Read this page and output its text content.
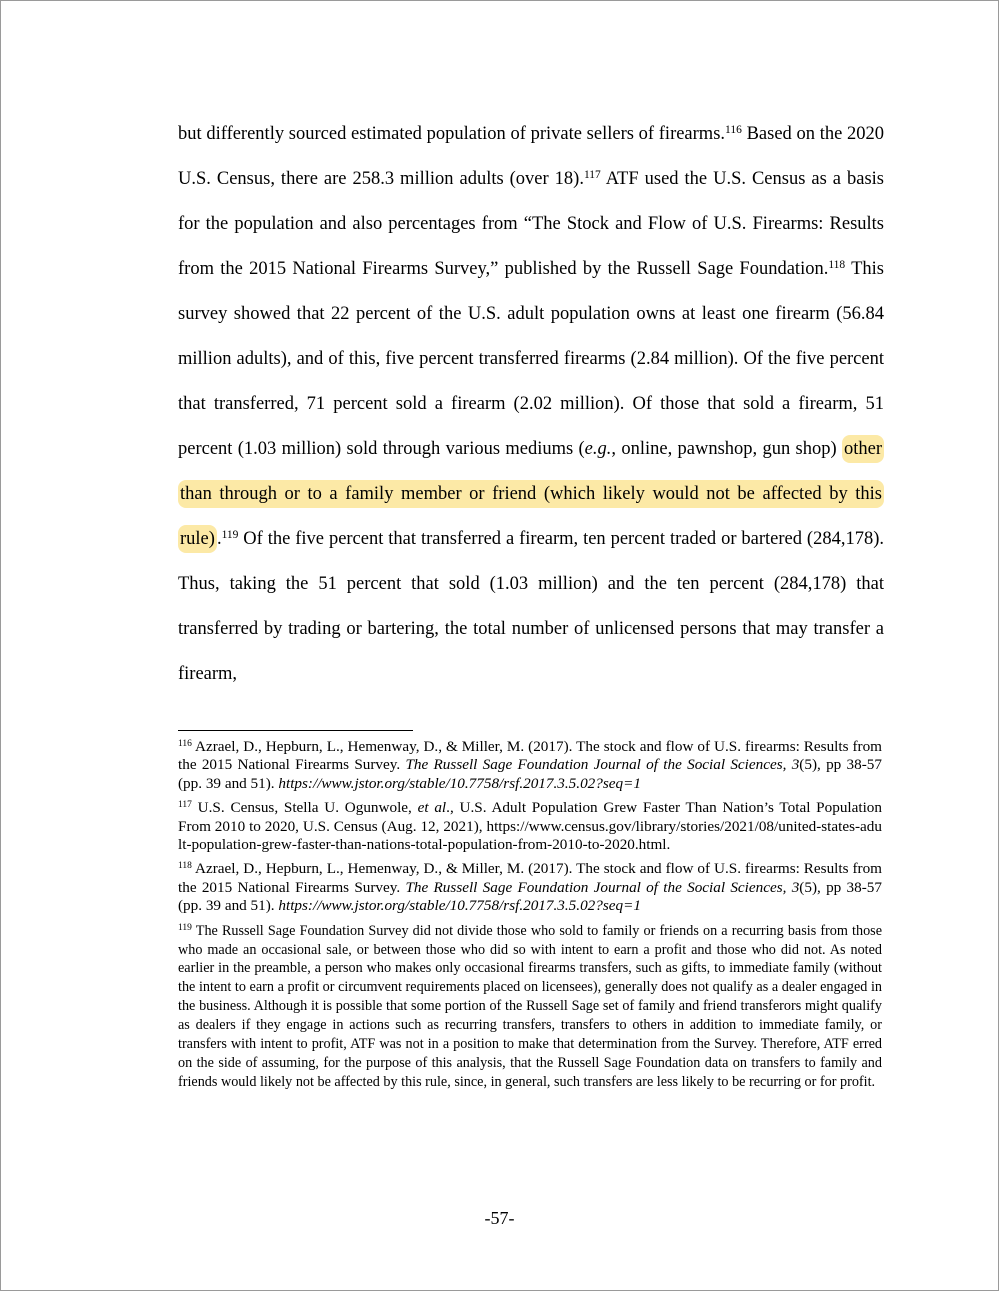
but differently sourced estimated population of private sellers of firearms.$^{116}$ Based on the 2020 U.S. Census, there are 258.3 million adults (over 18).$^{117}$ ATF used the U.S. Census as a basis for the population and also percentages from “The Stock and Flow of U.S. Firearms: Results from the 2015 National Firearms Survey,” published by the Russell Sage Foundation.$^{118}$ This survey showed that 22 percent of the U.S. adult population owns at least one firearm (56.84 million adults), and of this, five percent transferred firearms (2.84 million). Of the five percent that transferred, 71 percent sold a firearm (2.02 million). Of those that sold a firearm, 51 percent (1.03 million) sold through various mediums (e.g., online, pawnshop, gun shop) other than through or to a family member or friend (which likely would not be affected by this rule) .$^{119}$ Of the five percent that transferred a firearm, ten percent traded or bartered (284,178). Thus, taking the 51 percent that sold (1.03 million) and the ten percent (284,178) that transferred by trading or bartering, the total number of unlicensed persons that may transfer a firearm,

$^{116}$ Azrael, D., Hepburn, L., Hemenway, D., & Miller, M. (2017). The stock and flow of U.S. firearms: Results from the 2015 National Firearms Survey. The Russell Sage Foundation Journal of the Social Sciences, 3(5), pp 38-57 (pp. 39 and 51). https://www.jstor.org/stable/10.7758/rsf.2017.3.5.02?seq=1

$^{117}$ U.S. Census, Stella U. Ogunwole, et al., U.S. Adult Population Grew Faster Than Nation’s Total Population From 2010 to 2020, U.S. Census (Aug. 12, 2021), https://www.census.gov/library/stories/2021/08/united-states-adult-population-grew-faster-than-nations-total-population-from-2010-to-2020.html.

$^{118}$ Azrael, D., Hepburn, L., Hemenway, D., & Miller, M. (2017). The stock and flow of U.S. firearms: Results from the 2015 National Firearms Survey. The Russell Sage Foundation Journal of the Social Sciences, 3(5), pp 38-57 (pp. 39 and 51). https://www.jstor.org/stable/10.7758/rsf.2017.3.5.02?seq=1

$^{119}$ The Russell Sage Foundation Survey did not divide those who sold to family or friends on a recurring basis from those who made an occasional sale, or between those who did so with intent to earn a profit and those who did not. As noted earlier in the preamble, a person who makes only occasional firearms transfers, such as gifts, to immediate family (without the intent to earn a profit or circumvent requirements placed on licensees), generally does not qualify as a dealer engaged in the business. Although it is possible that some portion of the Russell Sage set of family and friend transferors might qualify as dealers if they engage in actions such as recurring transfers, transfers to others in addition to immediate family, or transfers with intent to profit, ATF was not in a position to make that determination from the Survey. Therefore, ATF erred on the side of assuming, for the purpose of this analysis, that the Russell Sage Foundation data on transfers to family and friends would likely not be affected by this rule, since, in general, such transfers are less likely to be recurring or for profit.

-57-
